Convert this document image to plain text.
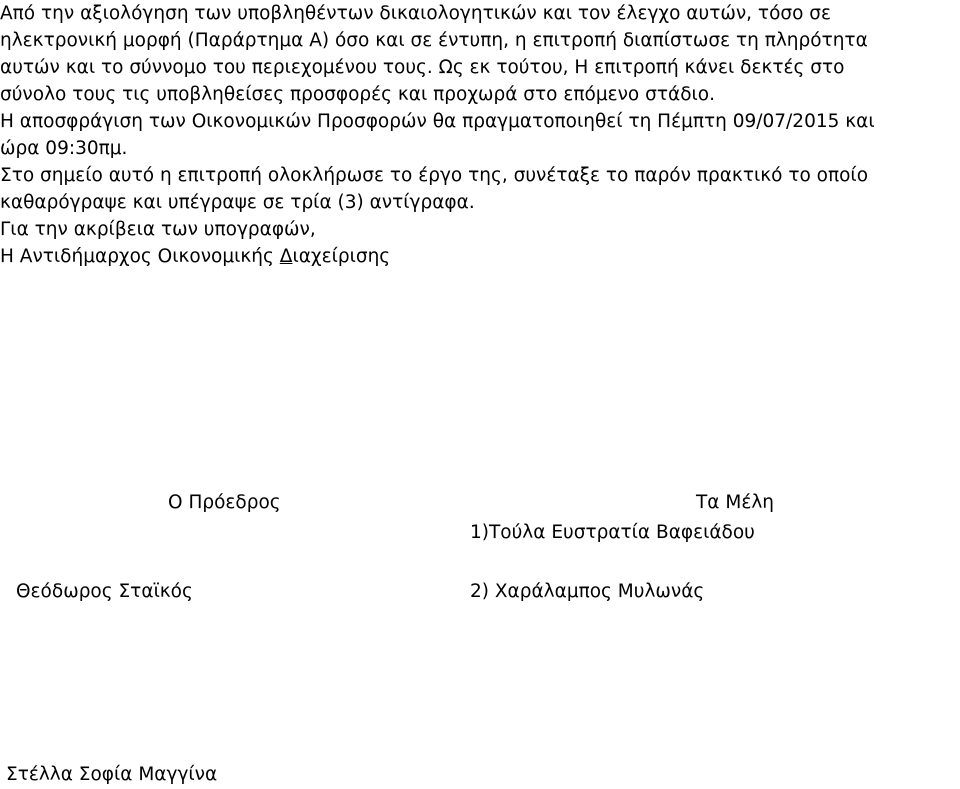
Από την αξιολόγηση των υποβληθέντων δικαιολογητικών και τον έλεγχο αυτών, τόσο σε
ηλεκτρονική μορφή (Παράρτημα Α) όσο και σε έντυπη, η επιτροπή διαπίστωσε τη πληρότητα
αυτών και το σύννομο του περιεχομένου τους. Ως εκ τούτου, Η επιτροπή κάνει δεκτές στο
σύνολο τους τις υποβληθείσες προσφορές και προχωρά στο επόμενο στάδιο.
Η αποσφράγιση των Οικονομικών Προσφορών θα πραγματοποιηθεί τη Πέμπτη 09/07/2015 και
ώρα 09:30πμ.
Στο σημείο αυτό η επιτροπή ολοκλήρωσε το έργο της, συνέταξε το παρόν πρακτικό το οποίο
καθαρόγραψε και υπέγραψε σε τρία (3) αντίγραφα.
Ο Πρόεδρος	Τα Μέλη
1)Τούλα Ευστρατία Βαφειάδου
Θεόδωρος Σταϊκός	2) Χαράλαμπος Μυλωνάς
Για την ακρίβεια των υπογραφών,
Η Αντιδήμαρχος Οικονομικής Διαχείρισης
Στέλλα Σοφία Μαγγίνα
